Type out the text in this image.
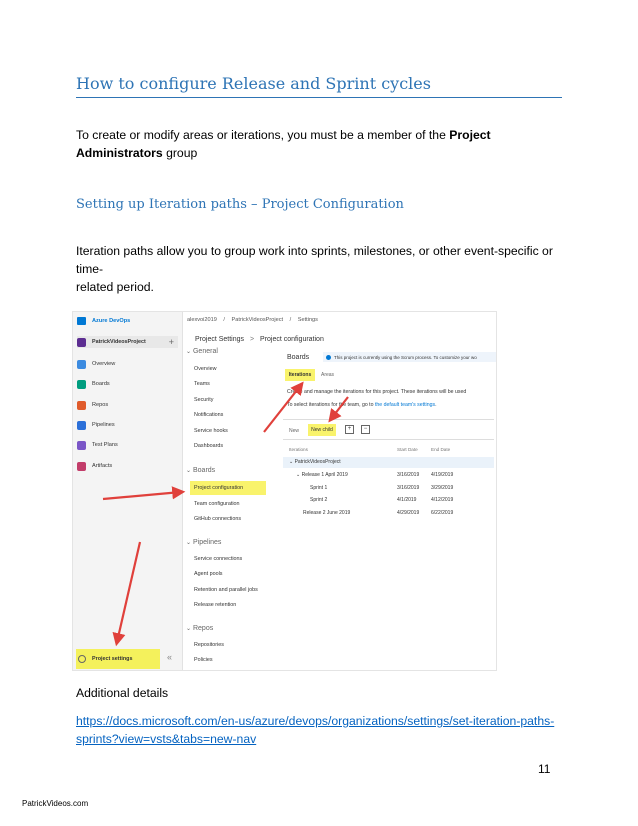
How to configure Release and Sprint cycles
To create or modify areas or iterations, you must be a member of the Project
Administrators group
Setting up Iteration paths – Project Configuration
Iteration paths allow you to group work into sprints, milestones, or other event-specific or time-
related period.
Azure DevOps
PatrickVideosProject	+
Overview
Boards
Repos
Pipelines
Test Plans
Artifacts
Project settings	«
alexvoi2019 / PatrickVideosProject / Settings
Project Settings > Project configuration
⌄ General
Overview
Teams
Security
Notifications
Service hooks
Dashboards
⌄ Boards
Project configuration
Team configuration
GitHub connections
⌄ Pipelines
Service connections
Agent pools
Retention and parallel jobs
Release retention
⌄ Repos
Repositories
Policies
Boards	This project is currently using the Scrum process. To customize your wo
Iterations	Areas
Create and manage the iterations for this project. These iterations will be used
To select iterations for the team, go to the default team's settings.
New	New child	+	−
Iterations	Start Date	End Date
⌄ PatrickVideosProject
⌄ Release 1 April 2019	3/16/2019 4/19/2019
Sprint 1	3/16/2019 3/29/2019
Sprint 2	4/1/2019	4/12/2019
Release 2 June 2019	4/29/2019 6/22/2019
Additional details
https://docs.microsoft.com/en-us/azure/devops/organizations/settings/set-iteration-paths-
sprints?view=vsts&tabs=new-nav
11
PatrickVideos.com
